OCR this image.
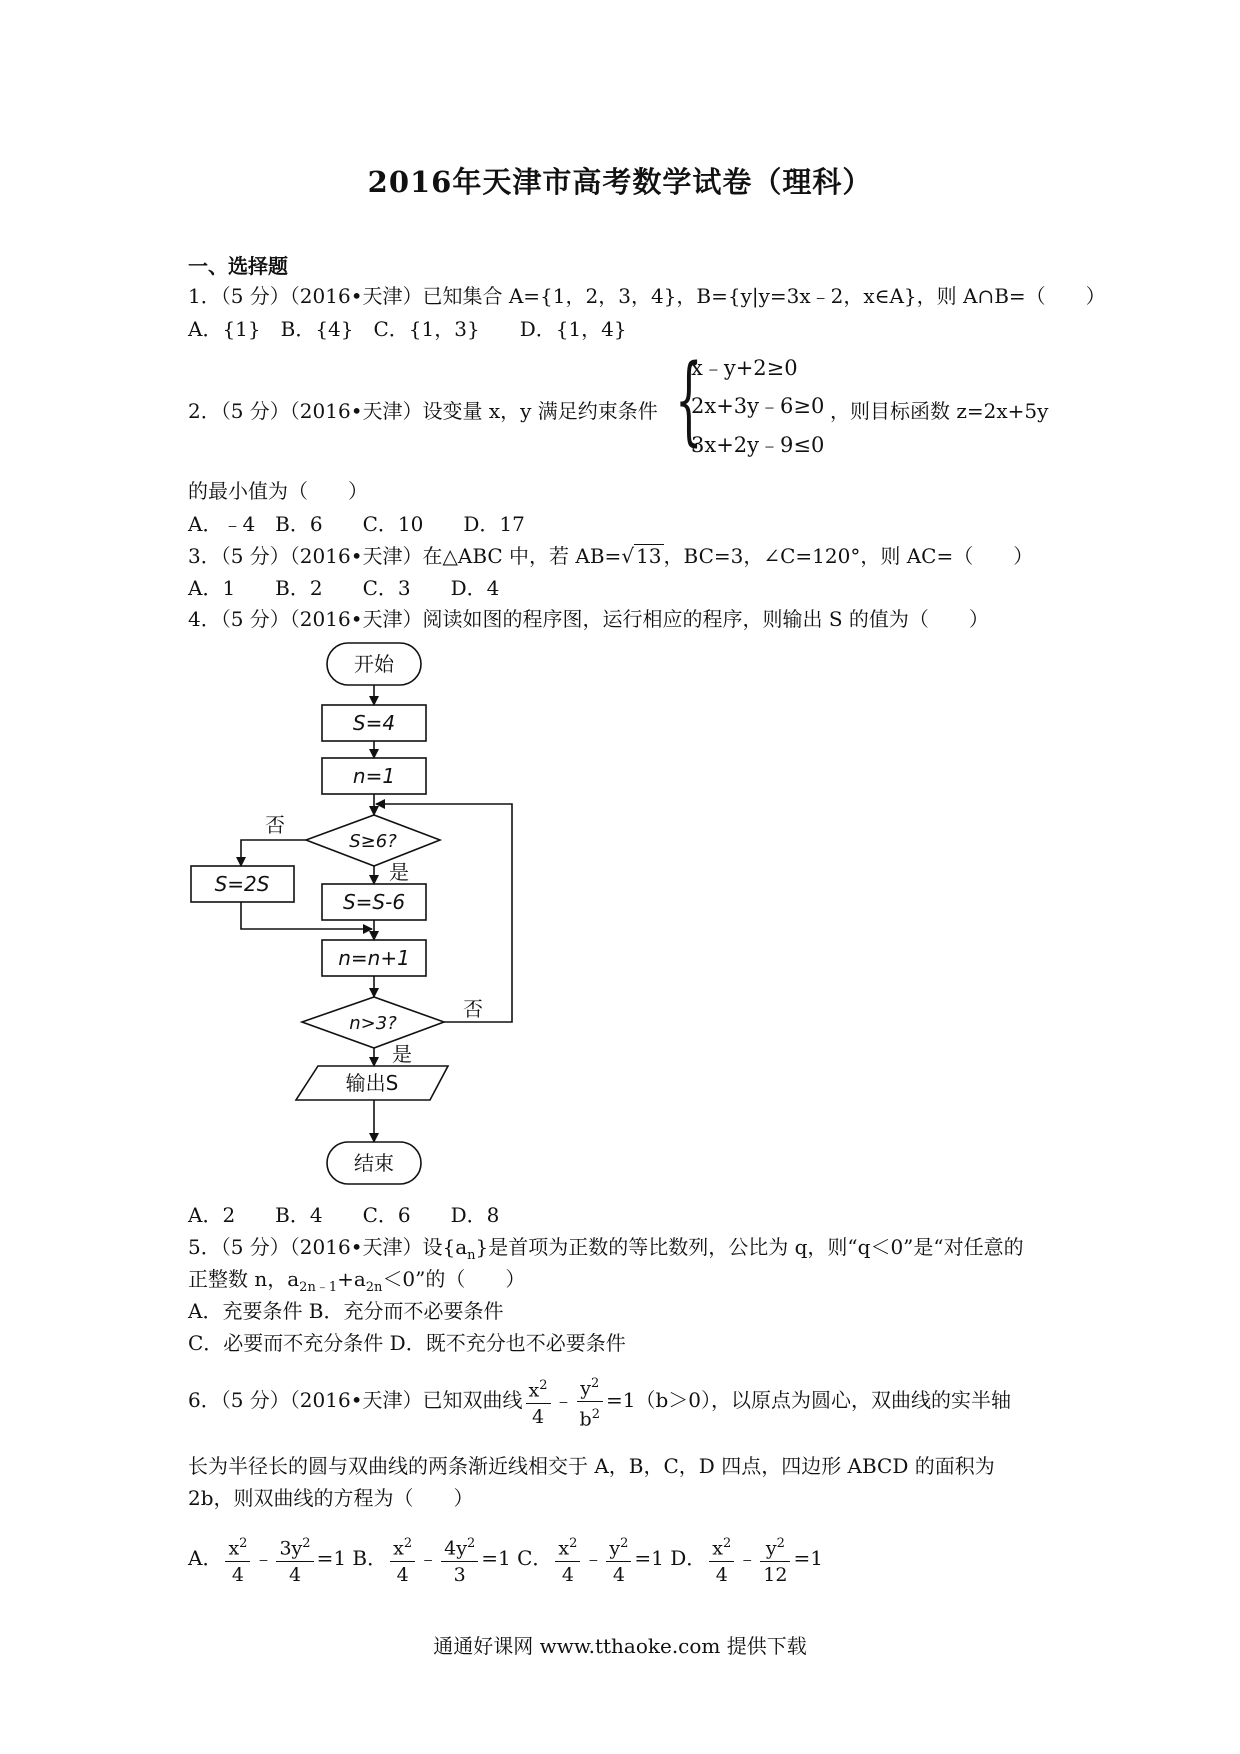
2016年天津市高考数学试卷（理科）
一、选择题
1．（5 分）（2016•天津）已知集合 A={1，2，3，4}，B={y|y=3x﹣2，x∈A}，则 A∩B=（　　）
A．{1}　B．{4}　C．{1，3}　　D．{1，4}
2．（5 分）（2016•天津）设变量 x，y 满足约束条件 {
x﹣y+2≥0
2x+3y﹣6≥0
3x+2y﹣9≤0
，则目标函数 z=2x+5y
的最小值为（　　）
A．﹣4　B．6　　C．10　　D．17
3．（5 分）（2016•天津）在△ABC 中，若 AB=√ 13 ，BC=3，∠C=120°，则 AC=（　　）
A．1　　B．2　　C．3　　D．4
4．（5 分）（2016•天津）阅读如图的程序图，运行相应的程序，则输出 S 的值为（　　）
开始
S=4
n=1
S≥6?
否
是
S=2S
S=S-6
n=n+1
n>3?
否
是
输出S
结束
A．2　　B．4　　C．6　　D．8
5．（5 分）（2016•天津）设$\{a_n\}$是首项为正数的等比数列，公比为 q，则“q＜0”是“对任意的
正整数 n，$a_{2n﹣1}+a_{2n}<0$”的（　　）
A．充要条件 B．充分而不必要条件
C．必要而不充分条件 D．既不充分也不必要条件
6．（5 分）（2016•天津）已知双曲线 $\frac{x^2}{4}$ ﹣ $\frac{y^2}{b^2} =1(b>0)$，以原点为圆心，双曲线的实半轴
长为半径长的圆与双曲线的两条渐近线相交于 A，B，C，D 四点，四边形 ABCD 的面积为
2b，则双曲线的方程为（　　）
A． $\frac{x^2}{4}$ ﹣ $\frac{3y^2}{4} =1$ B． $\frac{x^2}{4}$ ﹣ $\frac{4y^2}{3} =1$ C． $\frac{x^2}{4}$ ﹣ $\frac{y^2}{4} =1$ D． $\frac{x^2}{4}$ ﹣ $\frac{y^2}{12} =1$
通通好课网 www.tthaoke.com 提供下载
